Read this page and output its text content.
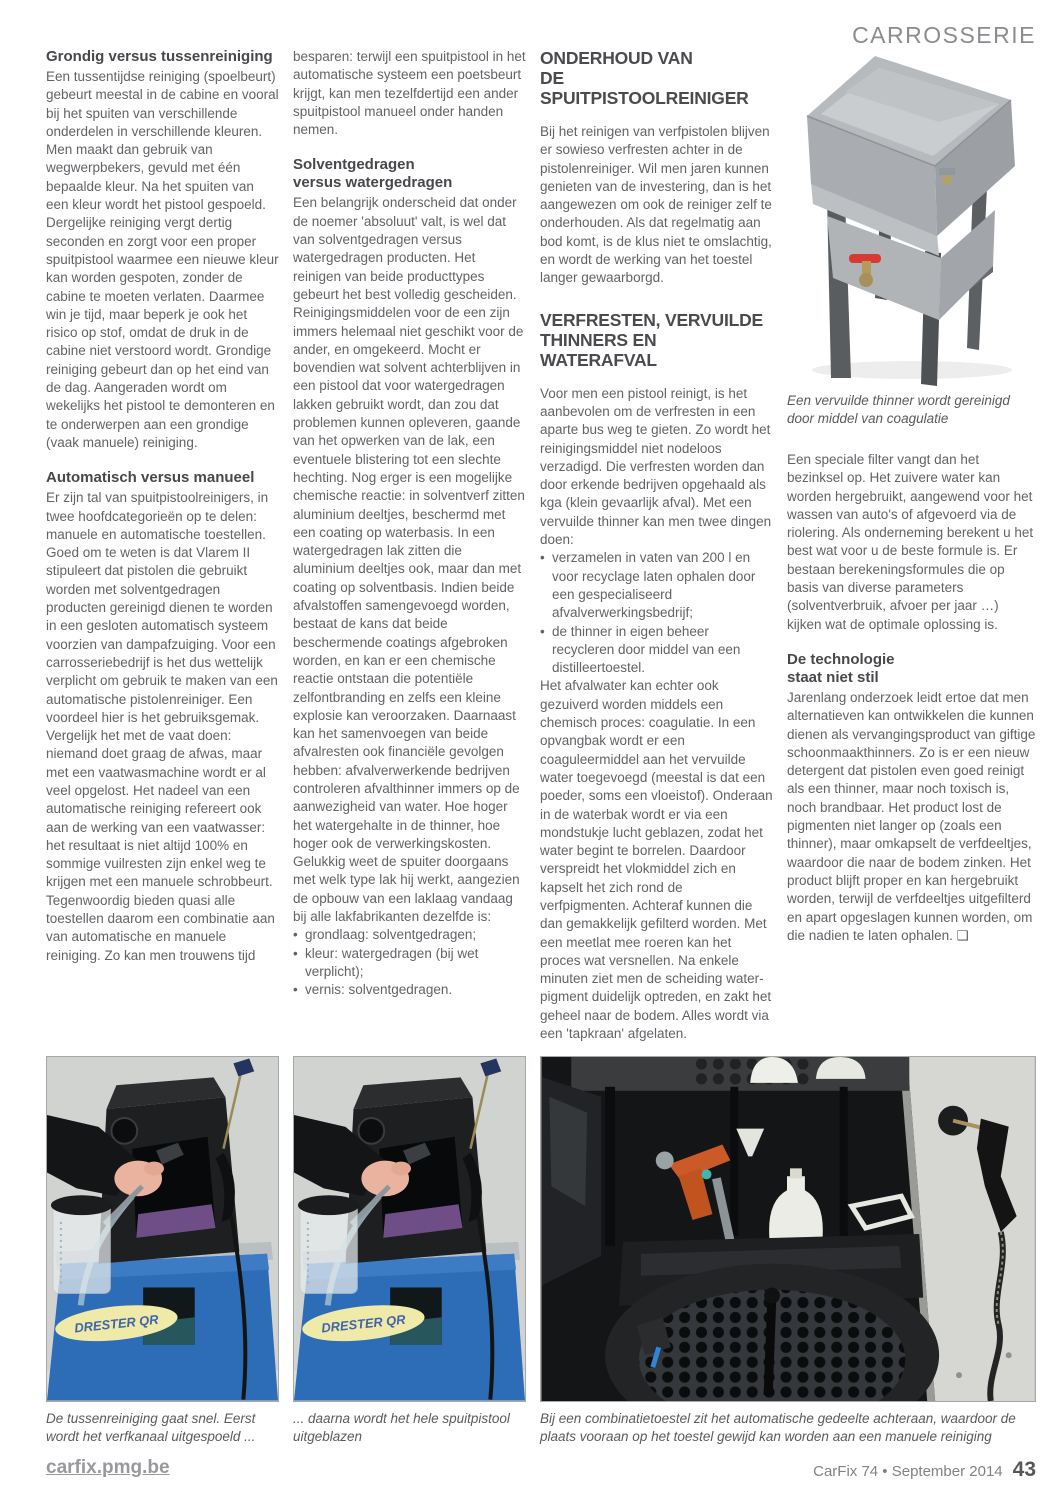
CARROSSERIE
Grondig versus tussenreiniging

Een tussentijdse reiniging (spoelbeurt) gebeurt meestal in de cabine en vooral bij het spuiten van verschillende onderdelen in verschillende kleuren. Men maakt dan gebruik van wegwerpbekers, gevuld met één bepaalde kleur. Na het spuiten van een kleur wordt het pistool gespoeld. Dergelijke reiniging vergt dertig seconden en zorgt voor een proper spuitpistool waarmee een nieuwe kleur kan worden gespoten, zonder de cabine te moeten verlaten. Daarmee win je tijd, maar beperk je ook het risico op stof, omdat de druk in de cabine niet verstoord wordt. Grondige reiniging gebeurt dan op het eind van de dag. Aangeraden wordt om wekelijks het pistool te demonteren en te onderwerpen aan een grondige (vaak manuele) reiniging.

Automatisch versus manueel

Er zijn tal van spuitpistoolreinigers, in twee hoofdcategorieën op te delen: manuele en automatische toestellen. Goed om te weten is dat Vlarem II stipuleert dat pistolen die gebruikt worden met solventgedragen producten gereinigd dienen te worden in een gesloten automatisch systeem voorzien van dampafzuiging. Voor een carrosseriebedrijf is het dus wettelijk verplicht om gebruik te maken van een automatische pistolenreiniger. Een voordeel hier is het gebruiksgemak. Vergelijk het met de vaat doen: niemand doet graag de afwas, maar met een vaatwasmachine wordt er al veel opgelost. Het nadeel van een automatische reiniging refereert ook aan de werking van een vaatwasser: het resultaat is niet altijd 100% en sommige vuilresten zijn enkel weg te krijgen met een manuele schrobbeurt. Tegenwoordig bieden quasi alle toestellen daarom een combinatie aan van automatische en manuele reiniging. Zo kan men trouwens tijd

besparen: terwijl een spuitpistool in het automatische systeem een poetsbeurt krijgt, kan men tezelfdertijd een ander spuitpistool manueel onder handen nemen.

Solventgedragen
versus watergedragen

Een belangrijk onderscheid dat onder de noemer 'absoluut' valt, is wel dat van solventgedragen versus watergedragen producten. Het reinigen van beide producttypes gebeurt het best volledig gescheiden. Reinigingsmiddelen voor de een zijn immers helemaal niet geschikt voor de ander, en omgekeerd. Mocht er bovendien wat solvent achterblijven in een pistool dat voor watergedragen lakken gebruikt wordt, dan zou dat problemen kunnen opleveren, gaande van het opwerken van de lak, een eventuele blistering tot een slechte hechting. Nog erger is een mogelijke chemische reactie: in solventverf zitten aluminium deeltjes, beschermd met een coating op waterbasis. In een watergedragen lak zitten die aluminium deeltjes ook, maar dan met coating op solventbasis. Indien beide afvalstoffen samengevoegd worden, bestaat de kans dat beide beschermende coatings afgebroken worden, en kan er een chemische reactie ontstaan die potentiële zelfontbranding en zelfs een kleine explosie kan veroorzaken. Daarnaast kan het samenvoegen van beide afvalresten ook financiële gevolgen hebben: afvalverwerkende bedrijven controleren afvalthinner immers op de aanwezigheid van water. Hoe hoger het watergehalte in de thinner, hoe hoger ook de verwerkingskosten. Gelukkig weet de spuiter doorgaans met welk type lak hij werkt, aangezien de opbouw van een laklaag vandaag bij alle lakfabrikanten dezelfde is:

• grondlaag: solventgedragen;
• kleur: watergedragen (bij wet verplicht);
• vernis: solventgedragen.
ONDERHOUD VAN
DE SPUITPISTOOLREINIGER

Bij het reinigen van verfpistolen blijven er sowieso verfresten achter in de pistolenreiniger. Wil men jaren kunnen genieten van de investering, dan is het aangewezen om ook de reiniger zelf te onderhouden. Als dat regelmatig aan bod komt, is de klus niet te omslachtig, en wordt de werking van het toestel langer gewaarborgd.

VERFRESTEN, VERVUILDE
THINNERS EN WATERAFVAL

Voor men een pistool reinigt, is het aanbevolen om de verfresten in een aparte bus weg te gieten. Zo wordt het reinigingsmiddel niet nodeloos verzadigd. Die verfresten worden dan door erkende bedrijven opgehaald als kga (klein gevaarlijk afval). Met een vervuilde thinner kan men twee dingen doen:

• verzamelen in vaten van 200 l en voor recyclage laten ophalen door een gespecialiseerd afvalverwerkingsbedrijf;
• de thinner in eigen beheer recycleren door middel van een distilleertoestel.

Het afvalwater kan echter ook gezuiverd worden middels een chemisch proces: coagulatie. In een opvangbak wordt er een coaguleermiddel aan het vervuilde water toegevoegd (meestal is dat een poeder, soms een vloeistof). Onderaan in de waterbak wordt er via een mondstukje lucht geblazen, zodat het water begint te borrelen. Daardoor verspreidt het vlokmiddel zich en kapselt het zich rond de verfpigmenten. Achteraf kunnen die dan gemakkelijk gefilterd worden. Met een meetlat mee roeren kan het proces wat versnellen. Na enkele minuten ziet men de scheiding water-pigment duidelijk optreden, en zakt het geheel naar de bodem. Alles wordt via een 'tapkraan' afgelaten.

Een vervuilde thinner wordt gereinigd door middel van coagulatie

Een speciale filter vangt dan het bezinksel op. Het zuivere water kan worden hergebruikt, aangewend voor het wassen van auto's of afgevoerd via de riolering. Als onderneming berekent u het best wat voor u de beste formule is. Er bestaan berekeningsformules die op basis van diverse parameters (solventverbruik, afvoer per jaar …) kijken wat de optimale oplossing is.

De technologie
staat niet stil

Jarenlang onderzoek leidt ertoe dat men alternatieven kan ontwikkelen die kunnen dienen als vervangingsproduct van giftige schoonmaakthinners. Zo is er een nieuw detergent dat pistolen even goed reinigt als een thinner, maar noch toxisch is, noch brandbaar. Het product lost de pigmenten niet langer op (zoals een thinner), maar omkapselt de verfdeeltjes, waardoor die naar de bodem zinken. Het product blijft proper en kan hergebruikt worden, terwijl de verfdeeltjes uitgefilterd en apart opgeslagen kunnen worden, om die nadien te laten ophalen. ❑

De tussenreiniging gaat snel. Eerst wordt het verfkanaal uitgespoeld ...
... daarna wordt het hele spuitpistool uitgeblazen
Bij een combinatietoestel zit het automatische gedeelte achteraan, waardoor de plaats vooraan op het toestel gewijd kan worden aan een manuele reiniging
carfix.pmg.be	CarFix 74 • September 2014 43
